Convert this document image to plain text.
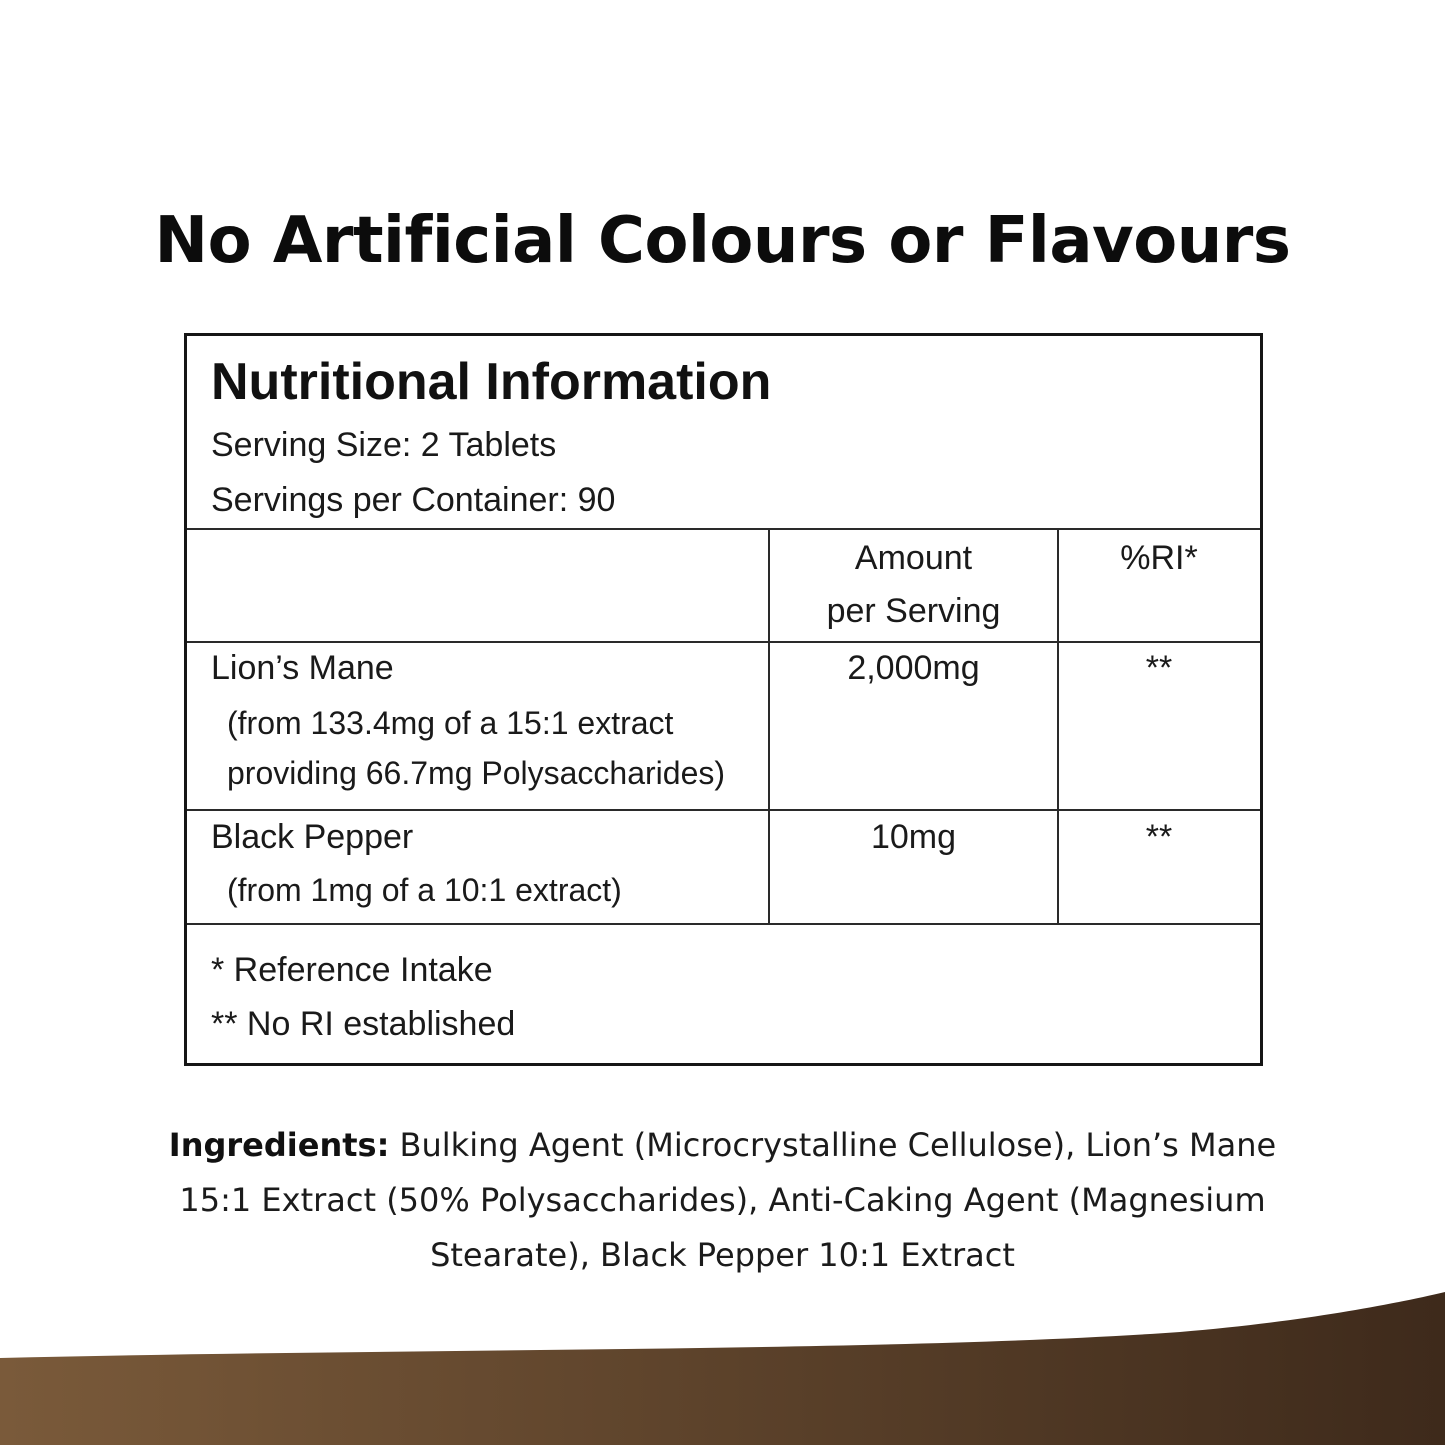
No Artificial Colours or Flavours
Nutritional Information
Serving Size: 2 Tablets
Servings per Container: 90
Amount
per Serving
%RI*
Lion’s Mane
(from 133.4mg of a 15:1 extract
providing 66.7mg Polysaccharides)
2,000mg	**
Black Pepper
(from 1mg of a 10:1 extract)
10mg	**
* Reference Intake
** No RI established
Ingredients: Bulking Agent (Microcrystalline Cellulose), Lion’s Mane 15:1 Extract (50% Polysaccharides), Anti-Caking Agent (Magnesium Stearate), Black Pepper 10:1 Extract
